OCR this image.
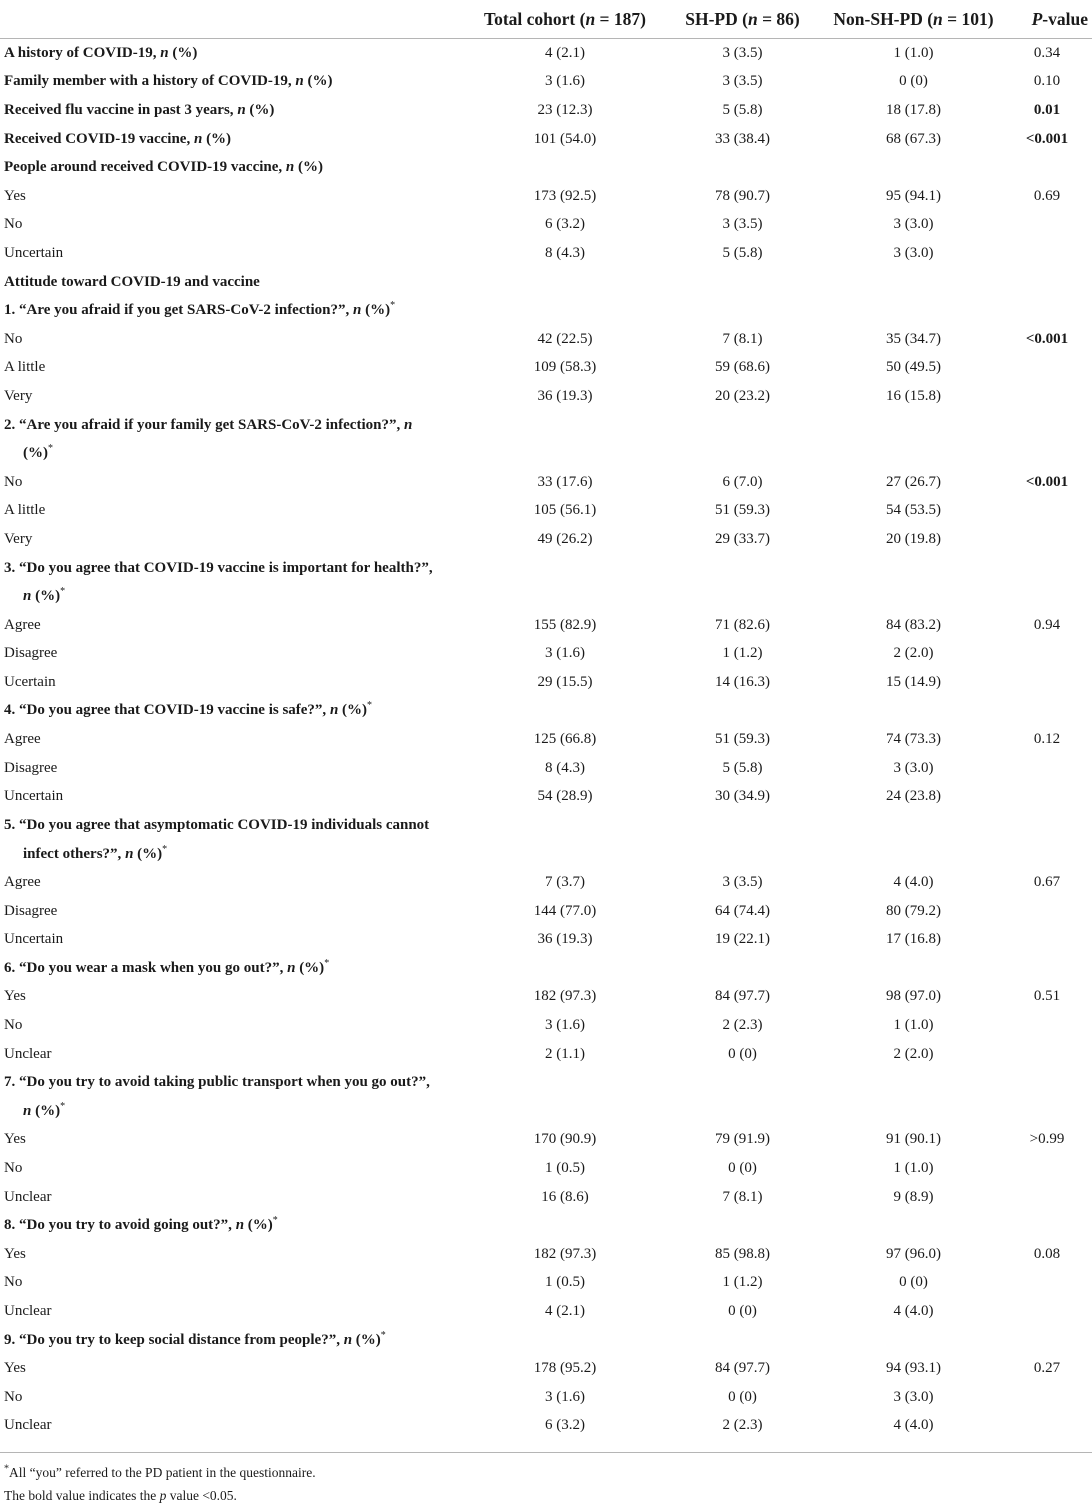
	Total cohort (n = 187)	SH-PD (n = 86)	Non-SH-PD (n = 101)	P-value
A history of COVID-19, n (%)	4 (2.1)	3 (3.5)	1 (1.0)	0.34
Family member with a history of COVID-19, n (%)	3 (1.6)	3 (3.5)	0 (0)	0.10
Received flu vaccine in past 3 years, n (%)	23 (12.3)	5 (5.8)	18 (17.8)	0.01
Received COVID-19 vaccine, n (%)	101 (54.0)	33 (38.4)	68 (67.3)	<0.001
People around received COVID-19 vaccine, n (%)				
Yes	173 (92.5)	78 (90.7)	95 (94.1)	0.69
No	6 (3.2)	3 (3.5)	3 (3.0)	
Uncertain	8 (4.3)	5 (5.8)	3 (3.0)	
Attitude toward COVID-19 and vaccine				
1. “Are you afraid if you get SARS-CoV-2 infection?”, n (%)*				
No	42 (22.5)	7 (8.1)	35 (34.7)	<0.001
A little	109 (58.3)	59 (68.6)	50 (49.5)	
Very	36 (19.3)	20 (23.2)	16 (15.8)	

2. “Are you afraid if your family get SARS-CoV-2 infection?”, n
(%)*

No	33 (17.6)	6 (7.0)	27 (26.7)	<0.001
A little	105 (56.1)	51 (59.3)	54 (53.5)	
Very	49 (26.2)	29 (33.7)	20 (19.8)	

3. “Do you agree that COVID-19 vaccine is important for health?”,
n (%)*

Agree	155 (82.9)	71 (82.6)	84 (83.2)	0.94
Disagree	3 (1.6)	1 (1.2)	2 (2.0)	
Ucertain	29 (15.5)	14 (16.3)	15 (14.9)	
4. “Do you agree that COVID-19 vaccine is safe?”, n (%)*				
Agree	125 (66.8)	51 (59.3)	74 (73.3)	0.12
Disagree	8 (4.3)	5 (5.8)	3 (3.0)	
Uncertain	54 (28.9)	30 (34.9)	24 (23.8)	

5. “Do you agree that asymptomatic COVID-19 individuals cannot
infect others?”, n (%)*

Agree	7 (3.7)	3 (3.5)	4 (4.0)	0.67
Disagree	144 (77.0)	64 (74.4)	80 (79.2)	
Uncertain	36 (19.3)	19 (22.1)	17 (16.8)	
6. “Do you wear a mask when you go out?”, n (%)*				
Yes	182 (97.3)	84 (97.7)	98 (97.0)	0.51
No	3 (1.6)	2 (2.3)	1 (1.0)	
Unclear	2 (1.1)	0 (0)	2 (2.0)	

7. “Do you try to avoid taking public transport when you go out?”,
n (%)*

Yes	170 (90.9)	79 (91.9)	91 (90.1)	>0.99
No	1 (0.5)	0 (0)	1 (1.0)	
Unclear	16 (8.6)	7 (8.1)	9 (8.9)	
8. “Do you try to avoid going out?”, n (%)*				
Yes	182 (97.3)	85 (98.8)	97 (96.0)	0.08
No	1 (0.5)	1 (1.2)	0 (0)	
Unclear	4 (2.1)	0 (0)	4 (4.0)	
9. “Do you try to keep social distance from people?”, n (%)*				
Yes	178 (95.2)	84 (97.7)	94 (93.1)	0.27
No	3 (1.6)	0 (0)	3 (3.0)	
Unclear	6 (3.2)	2 (2.3)	4 (4.0)	
*All “you” referred to the PD patient in the questionnaire.
The bold value indicates the p value <0.05.
